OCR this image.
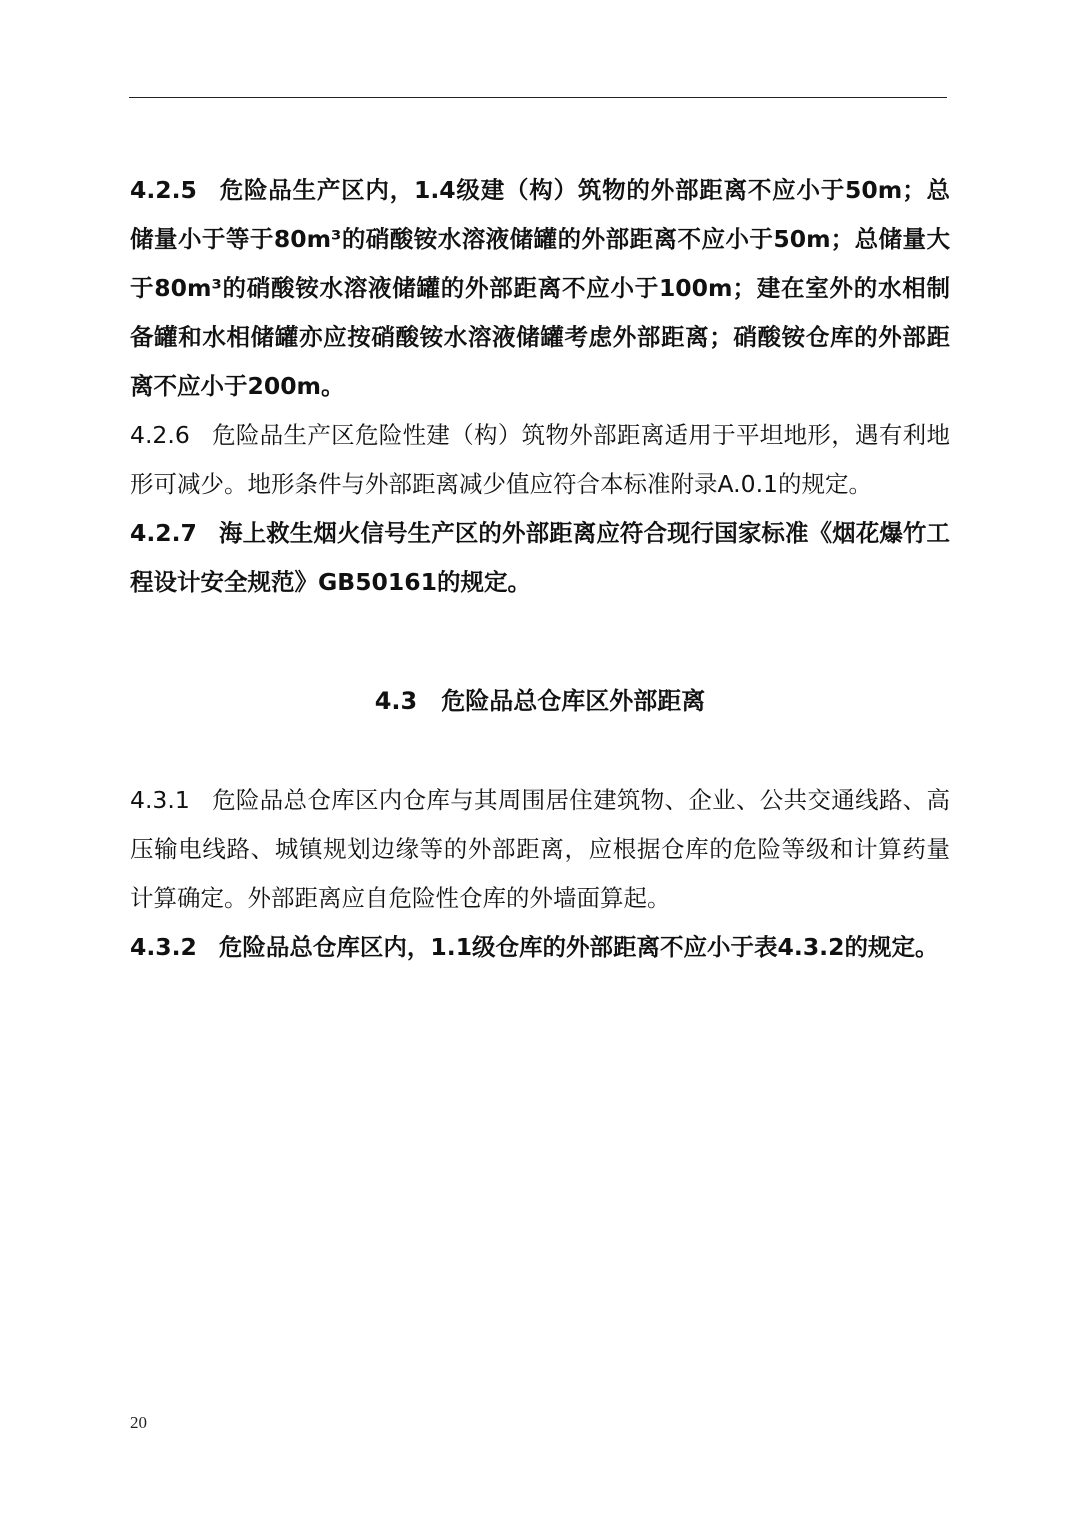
4.2.5 危险品生产区内，1.4级建（构）筑物的外部距离不应小于50m；总储量小于等于80m³的硝酸铵水溶液储罐的外部距离不应小于50m；总储量大于80m³的硝酸铵水溶液储罐的外部距离不应小于100m；建在室外的水相制备罐和水相储罐亦应按硝酸铵水溶液储罐考虑外部距离；硝酸铵仓库的外部距离不应小于200m。

4.2.6 危险品生产区危险性建（构）筑物外部距离适用于平坦地形，遇有利地形可减少。地形条件与外部距离减少值应符合本标准附录A.0.1的规定。

4.2.7 海上救生烟火信号生产区的外部距离应符合现行国家标准《烟花爆竹工程设计安全规范》GB50161的规定。

4.3 危险品总仓库区外部距离

4.3.1 危险品总仓库区内仓库与其周围居住建筑物、企业、公共交通线路、高压输电线路、城镇规划边缘等的外部距离，应根据仓库的危险等级和计算药量计算确定。外部距离应自危险性仓库的外墙面算起。

4.3.2 危险品总仓库区内，1.1级仓库的外部距离不应小于表4.3.2的规定。

20
